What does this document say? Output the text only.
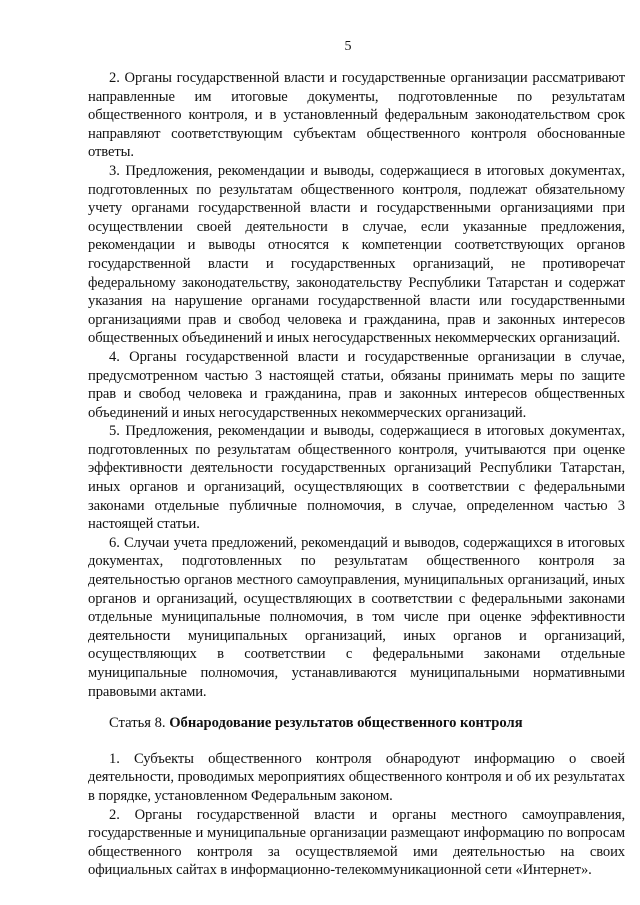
5

2. Органы государственной власти и государственные организации рассматривают направленные им итоговые документы, подготовленные по результатам общественного контроля, и в установленный федеральным законодательством срок направляют соответствующим субъектам общественного контроля обоснованные ответы.

3. Предложения, рекомендации и выводы, содержащиеся в итоговых документах, подготовленных по результатам общественного контроля, подлежат обязательному учету органами государственной власти и государственными организациями при осуществлении своей деятельности в случае, если указанные предложения, рекомендации и выводы относятся к компетенции соответствующих органов государственной власти и государственных организаций, не противоречат федеральному законодательству, законодательству Республики Татарстан и содержат указания на нарушение органами государственной власти или государственными организациями прав и свобод человека и гражданина, прав и законных интересов общественных объединений и иных негосударственных некоммерческих организаций.

4. Органы государственной власти и государственные организации в случае, предусмотренном частью 3 настоящей статьи, обязаны принимать меры по защите прав и свобод человека и гражданина, прав и законных интересов общественных объединений и иных негосударственных некоммерческих организаций.

5. Предложения, рекомендации и выводы, содержащиеся в итоговых документах, подготовленных по результатам общественного контроля, учитываются при оценке эффективности деятельности государственных организаций Республики Татарстан, иных органов и организаций, осуществляющих в соответствии с федеральными законами отдельные публичные полномочия, в случае, определенном частью 3 настоящей статьи.

6. Случаи учета предложений, рекомендаций и выводов, содержащихся в итоговых документах, подготовленных по результатам общественного контроля за деятельностью органов местного самоуправления, муниципальных организаций, иных органов и организаций, осуществляющих в соответствии с федеральными законами отдельные муниципальные полномочия, в том числе при оценке эффективности деятельности муниципальных организаций, иных органов и организаций, осуществляющих в соответствии с федеральными законами отдельные муниципальные полномочия, устанавливаются муниципальными нормативными правовыми актами.

Статья 8. Обнародование результатов общественного контроля

1. Субъекты общественного контроля обнародуют информацию о своей деятельности, проводимых мероприятиях общественного контроля и об их результатах в порядке, установленном Федеральным законом.

2. Органы государственной власти и органы местного самоуправления, государственные и муниципальные организации размещают информацию по вопросам общественного контроля за осуществляемой ими деятельностью на своих официальных сайтах в информационно-телекоммуникационной сети «Интернет».
